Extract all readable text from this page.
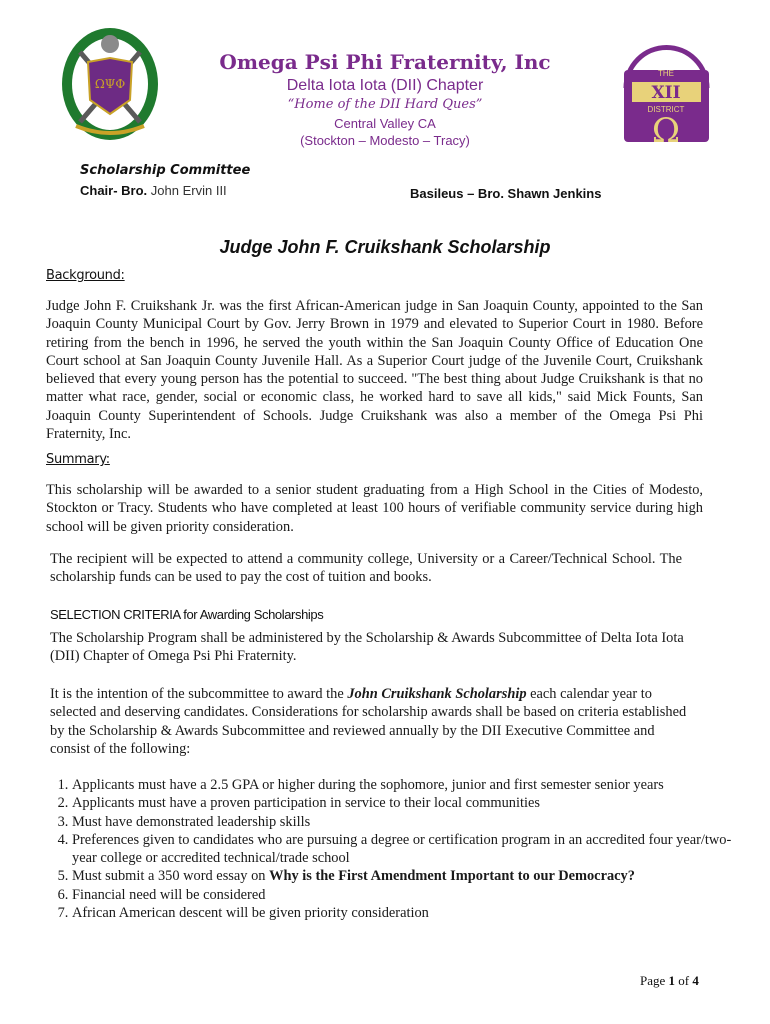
ΩΨΦ
THE
XII
DISTRICT
Ω
Omega Psi Phi Fraternity, Inc
Delta Iota Iota (DII) Chapter
“Home of the DII Hard Ques”
Central Valley CA
(Stockton – Modesto – Tracy)
Scholarship Committee
Chair- Bro. John Ervin III	Basileus – Bro. Shawn Jenkins
Judge John F. Cruikshank Scholarship
Background:
Judge John F. Cruikshank Jr. was the first African-American judge in San Joaquin County, appointed to the San Joaquin County Municipal Court by Gov. Jerry Brown in 1979 and elevated to Superior Court in 1980. Before retiring from the bench in 1996, he served the youth within the San Joaquin County Office of Education One Court school at San Joaquin County Juvenile Hall. As a Superior Court judge of the Juvenile Court, Cruikshank believed that every young person has the potential to succeed. "The best thing about Judge Cruikshank is that no matter what race, gender, social or economic class, he worked hard to save all kids," said Mick Founts, San Joaquin County Superintendent of Schools. Judge Cruikshank was also a member of the Omega Psi Phi Fraternity, Inc.
Summary:
This scholarship will be awarded to a senior student graduating from a High School in the Cities of Modesto, Stockton or Tracy. Students who have completed at least 100 hours of verifiable community service during high school will be given priority consideration.
The recipient will be expected to attend a community college, University or a Career/Technical School. The scholarship funds can be used to pay the cost of tuition and books.
SELECTION CRITERIA for Awarding Scholarships
The Scholarship Program shall be administered by the Scholarship & Awards Subcommittee of Delta Iota Iota (DII) Chapter of Omega Psi Phi Fraternity.
It is the intention of the subcommittee to award the John Cruikshank Scholarship each calendar year to selected and deserving candidates. Considerations for scholarship awards shall be based on criteria established by the Scholarship & Awards Subcommittee and reviewed annually by the DII Executive Committee and consist of the following:
1. Applicants must have a 2.5 GPA or higher during the sophomore, junior and first semester senior years
2. Applicants must have a proven participation in service to their local communities
3. Must have demonstrated leadership skills
4. Preferences given to candidates who are pursuing a degree or certification program in an accredited four year/two-year college or accredited technical/trade school
5. Must submit a 350 word essay on Why is the First Amendment Important to our Democracy?
6. Financial need will be considered
7. African American descent will be given priority consideration
Page 1 of 4
